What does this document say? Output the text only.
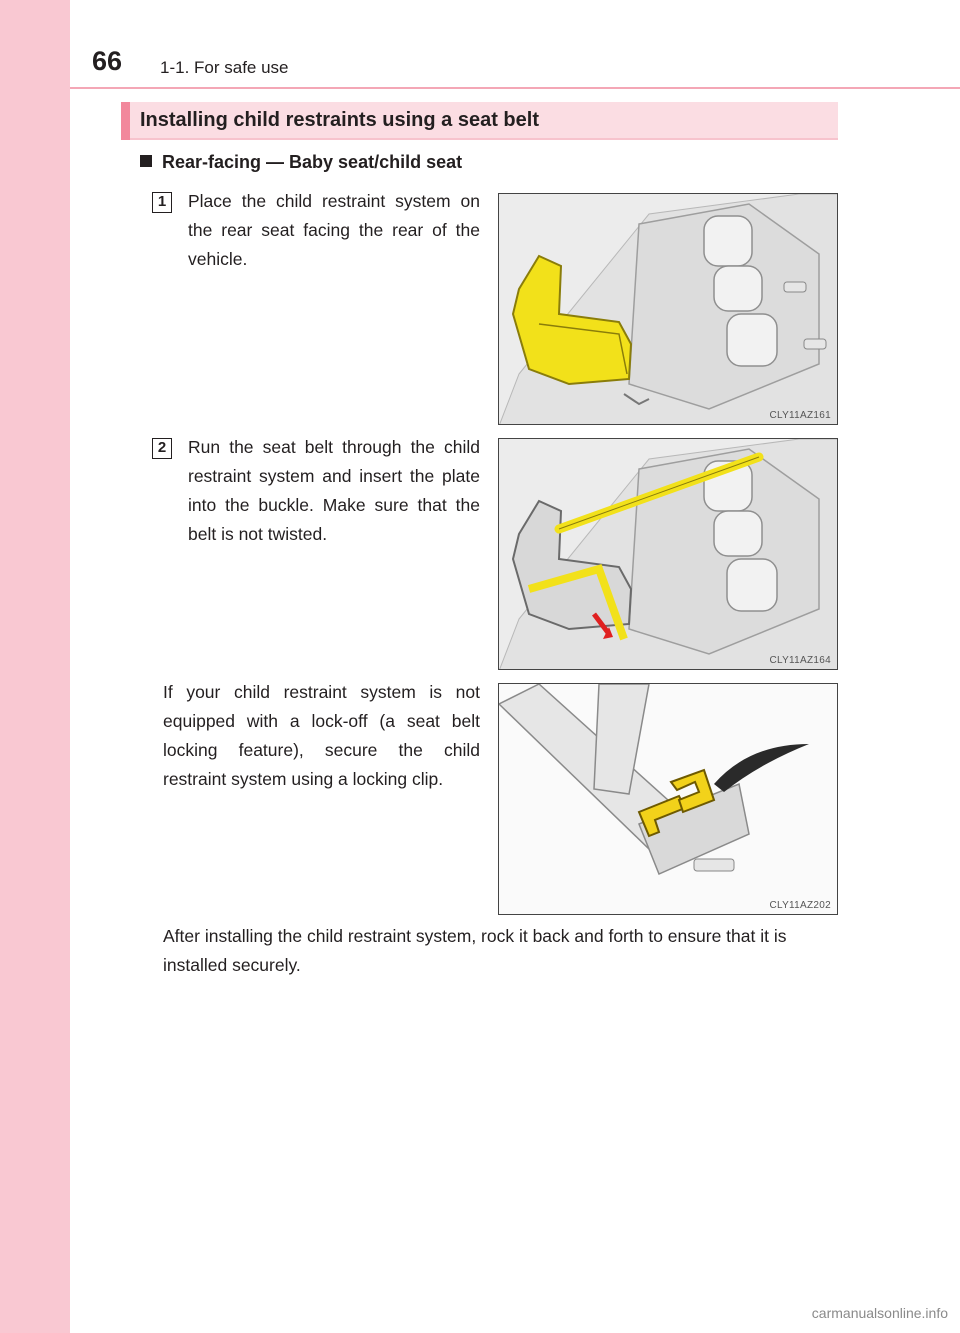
66 1-1. For safe use
Installing child restraints using a seat belt
Rear-facing — Baby seat/child seat
1	Place the child restraint system on the rear seat facing the rear of the vehicle.
CLY11AZ161
2	Run the seat belt through the child restraint system and insert the plate into the buckle. Make sure that the belt is not twisted.
CLY11AZ164
If your child restraint system is not equipped with a lock-off (a seat belt locking feature), secure the child restraint system using a locking clip.
CLY11AZ202
After installing the child restraint system, rock it back and forth to ensure that it is installed securely.
carmanualsonline.info
